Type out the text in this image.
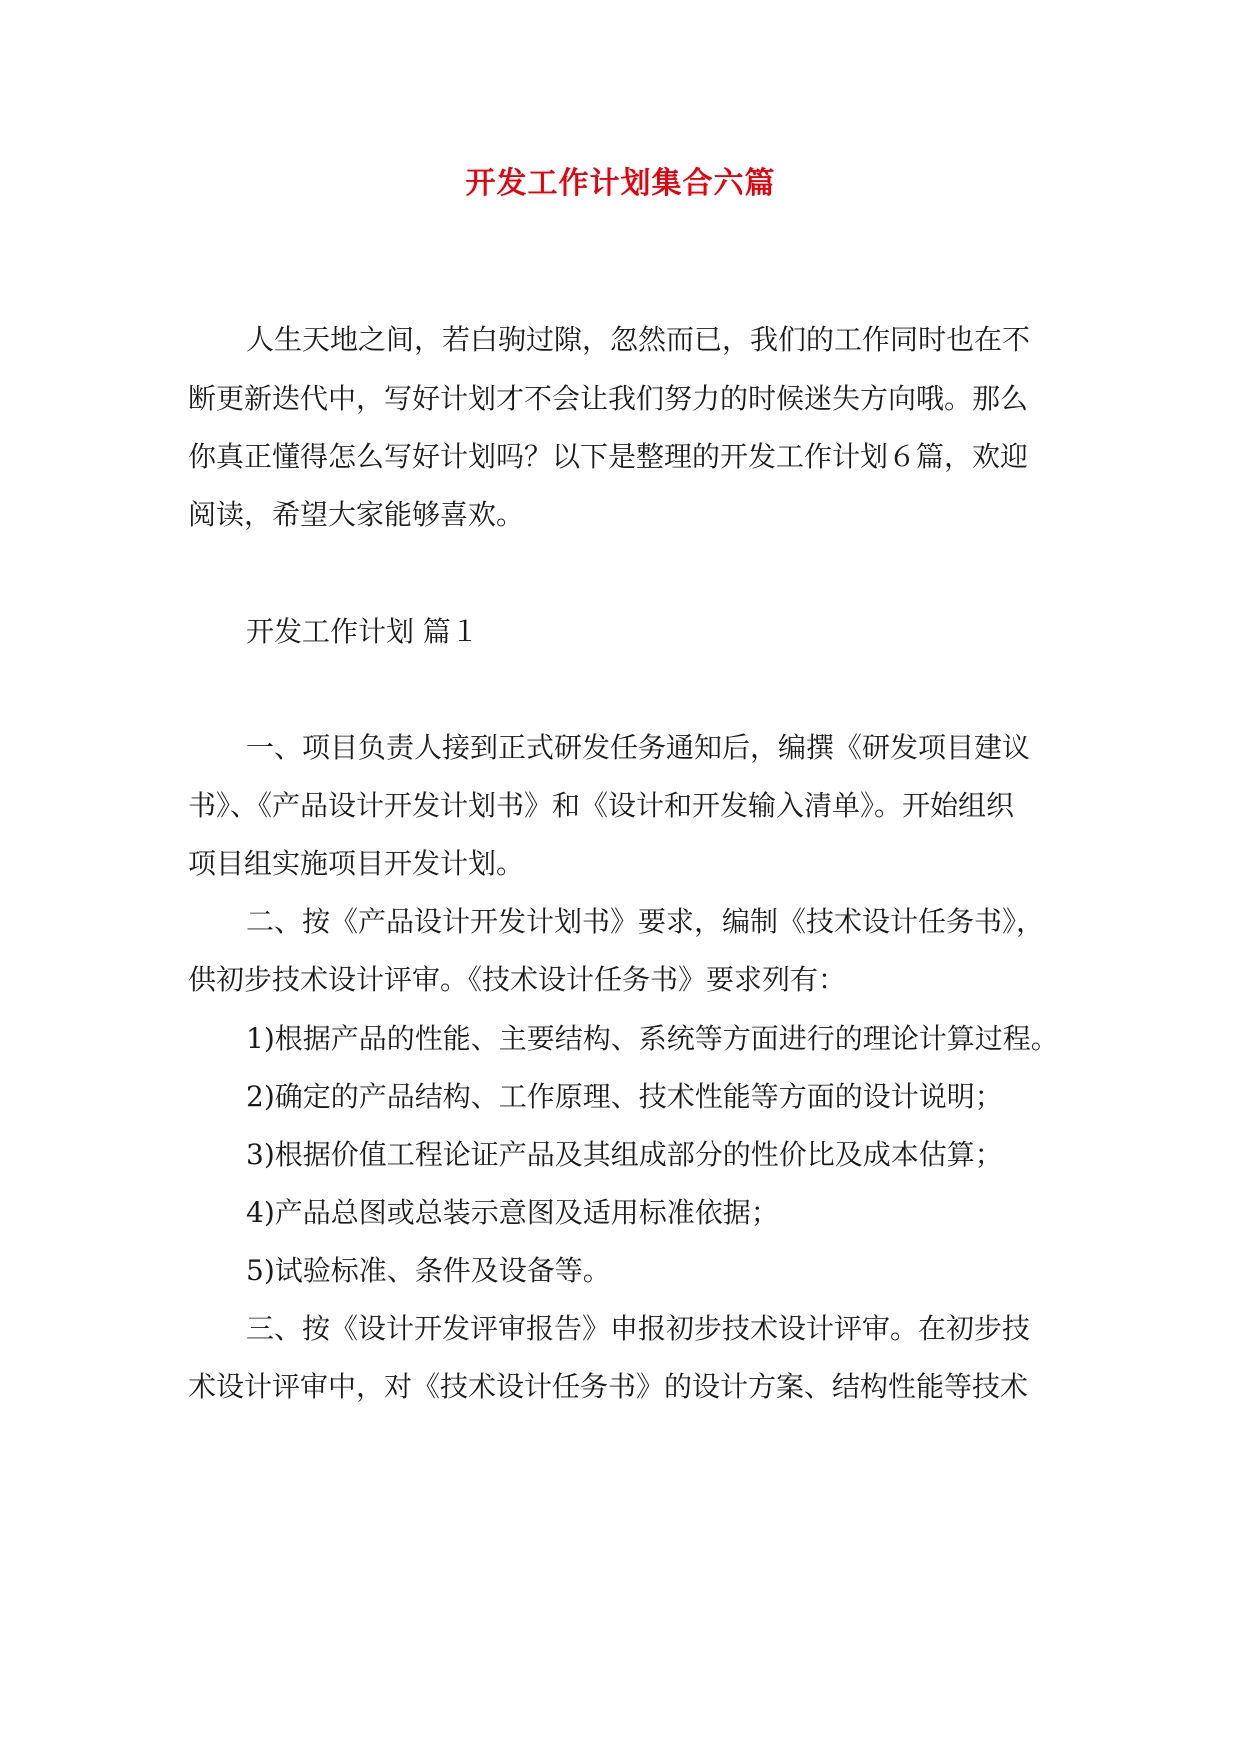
开发工作计划集合六篇

人生天地之间，若白驹过隙，忽然而已，我们的工作同时也在不

断更新迭代中，写好计划才不会让我们努力的时候迷失方向哦。那么

你真正懂得怎么写好计划吗？以下是整理的开发工作计划６篇，欢迎

阅读，希望大家能够喜欢。

开发工作计划 篇１

一、项目负责人接到正式研发任务通知后，编撰《研发项目建议

书》、《产品设计开发计划书》和《设计和开发输入清单》。开始组织

项目组实施项目开发计划。

二、按《产品设计开发计划书》要求，编制《技术设计任务书》，

供初步技术设计评审。《技术设计任务书》要求列有：

1)根据产品的性能、主要结构、系统等方面进行的理论计算过程。

2)确定的产品结构、工作原理、技术性能等方面的设计说明；

3)根据价值工程论证产品及其组成部分的性价比及成本估算；

4)产品总图或总装示意图及适用标准依据；

5)试验标准、条件及设备等。

三、按《设计开发评审报告》申报初步技术设计评审。在初步技

术设计评审中，对《技术设计任务书》的设计方案、结构性能等技术
